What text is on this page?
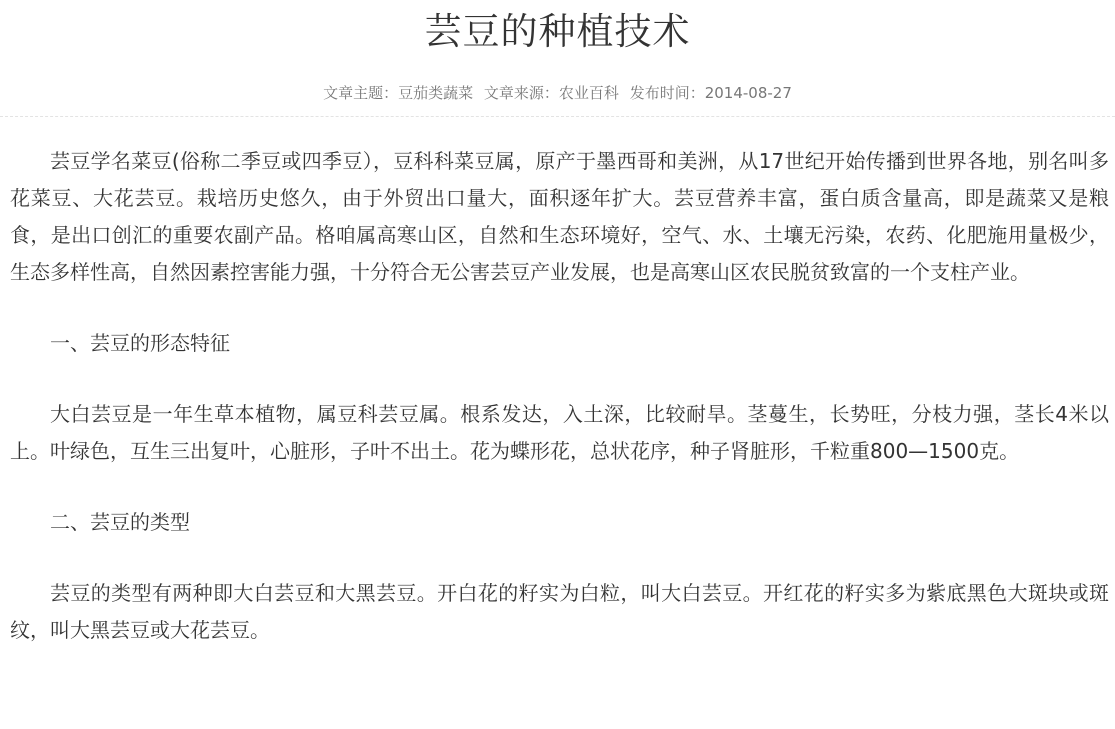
芸豆的种植技术
文章主题：豆茄类蔬菜 文章来源：农业百科 发布时间：2014-08-27

芸豆学名菜豆(俗称二季豆或四季豆），豆科科菜豆属，原产于墨西哥和美洲，从17世纪开始传播到世界各地，别名叫多花菜豆、大花芸豆。栽培历史悠久，由于外贸出口量大，面积逐年扩大。芸豆营养丰富，蛋白质含量高，即是蔬菜又是粮食，是出口创汇的重要农副产品。格咱属高寒山区，自然和生态环境好，空气、水、土壤无污染，农药、化肥施用量极少，生态多样性高，自然因素控害能力强，十分符合无公害芸豆产业发展，也是高寒山区农民脱贫致富的一个支柱产业。

一、芸豆的形态特征

大白芸豆是一年生草本植物，属豆科芸豆属。根系发达，入土深，比较耐旱。茎蔓生，长势旺，分枝力强，茎长4米以上。叶绿色，互生三出复叶，心脏形，子叶不出土。花为蝶形花，总状花序，种子肾脏形，千粒重800—1500克。

二、芸豆的类型

芸豆的类型有两种即大白芸豆和大黑芸豆。开白花的籽实为白粒，叫大白芸豆。开红花的籽实多为紫底黑色大斑块或斑纹，叫大黑芸豆或大花芸豆。
